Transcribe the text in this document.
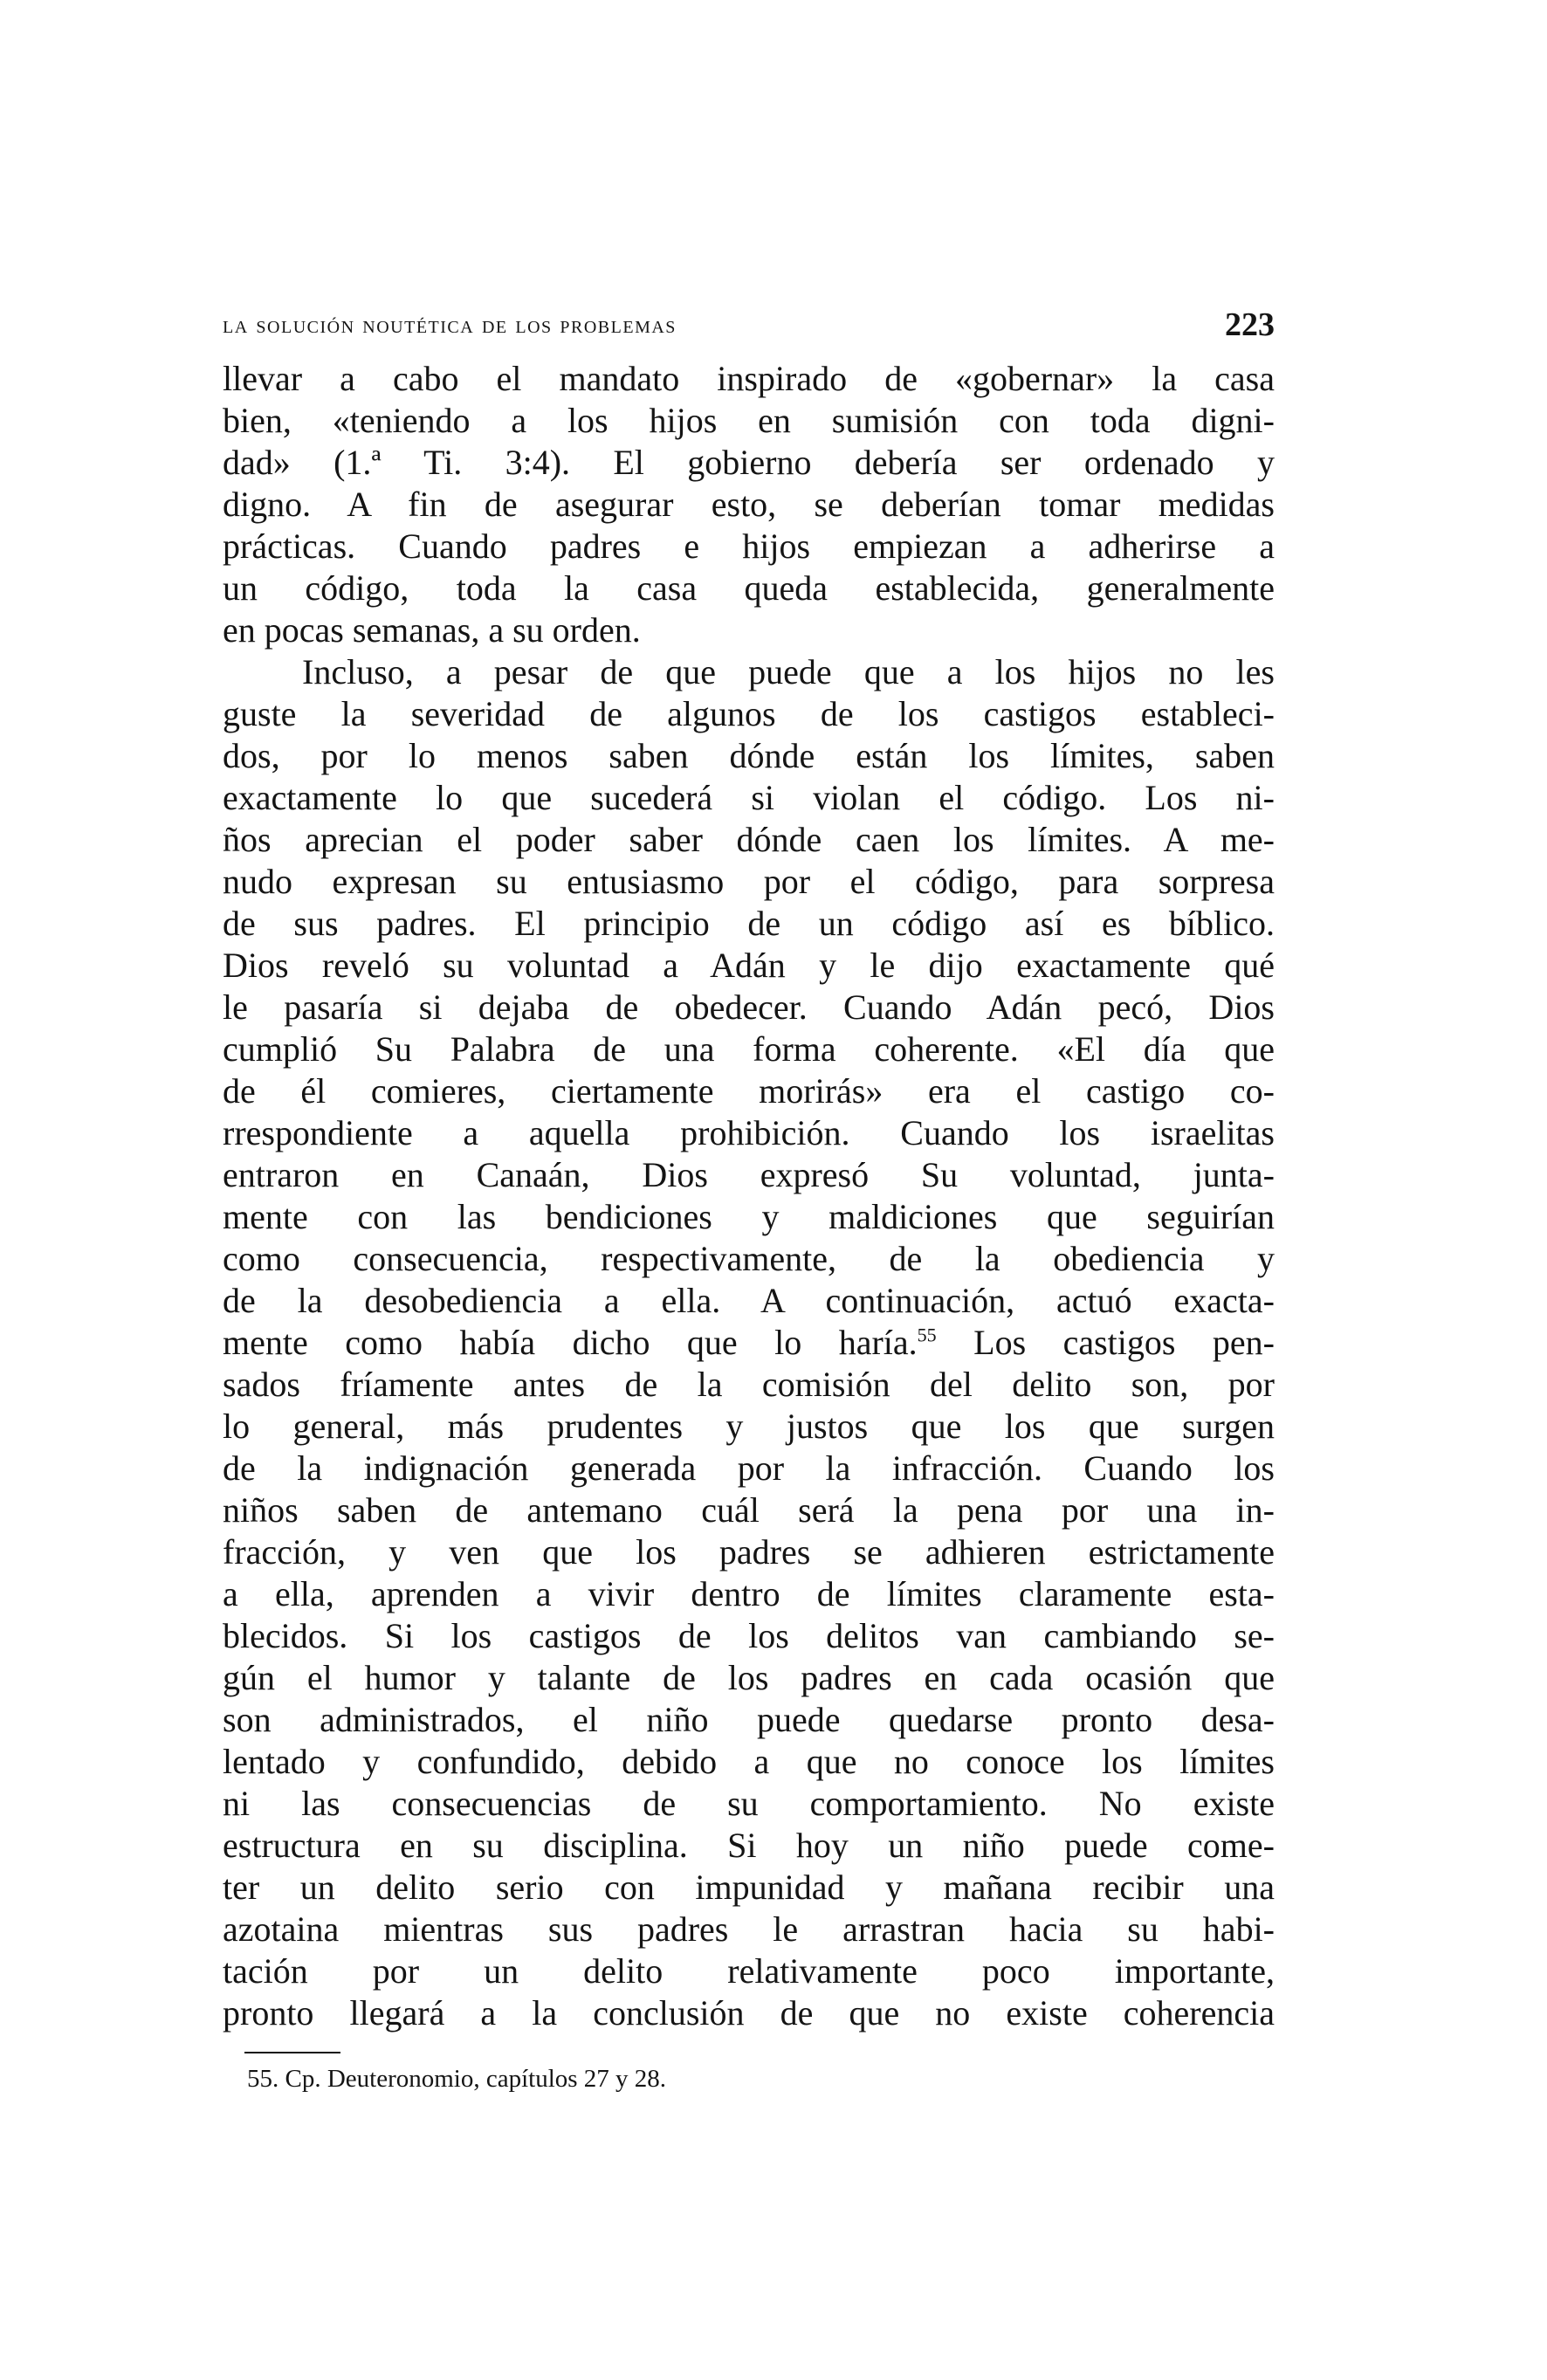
la solución noutética de los problemas	223
llevar a cabo el mandato inspirado de «gobernar» la casa
bien, «teniendo a los hijos en sumisión con toda digni-
dad» (1.ª Ti. 3:4). El gobierno debería ser ordenado y
digno. A fin de asegurar esto, se deberían tomar medidas
prácticas. Cuando padres e hijos empiezan a adherirse a
un código, toda la casa queda establecida, generalmente
en pocas semanas, a su orden.
Incluso, a pesar de que puede que a los hijos no les
guste la severidad de algunos de los castigos estableci-
dos, por lo menos saben dónde están los límites, saben
exactamente lo que sucederá si violan el código. Los ni-
ños aprecian el poder saber dónde caen los límites. A me-
nudo expresan su entusiasmo por el código, para sorpresa
de sus padres. El principio de un código así es bíblico.
Dios reveló su voluntad a Adán y le dijo exactamente qué
le pasaría si dejaba de obedecer. Cuando Adán pecó, Dios
cumplió Su Palabra de una forma coherente. «El día que
de él comieres, ciertamente morirás» era el castigo co-
rrespondiente a aquella prohibición. Cuando los israelitas
entraron en Canaán, Dios expresó Su voluntad, junta-
mente con las bendiciones y maldiciones que seguirían
como consecuencia, respectivamente, de la obediencia y
de la desobediencia a ella. A continuación, actuó exacta-
mente como había dicho que lo haría.$^{55}$ Los castigos pen-
sados fríamente antes de la comisión del delito son, por
lo general, más prudentes y justos que los que surgen
de la indignación generada por la infracción. Cuando los
niños saben de antemano cuál será la pena por una in-
fracción, y ven que los padres se adhieren estrictamente
a ella, aprenden a vivir dentro de límites claramente esta-
blecidos. Si los castigos de los delitos van cambiando se-
gún el humor y talante de los padres en cada ocasión que
son administrados, el niño puede quedarse pronto desa-
lentado y confundido, debido a que no conoce los límites
ni las consecuencias de su comportamiento. No existe
estructura en su disciplina. Si hoy un niño puede come-
ter un delito serio con impunidad y mañana recibir una
azotaina mientras sus padres le arrastran hacia su habi-
tación por un delito relativamente poco importante,
pronto llegará a la conclusión de que no existe coherencia
55. Cp. Deuteronomio, capítulos 27 y 28.
